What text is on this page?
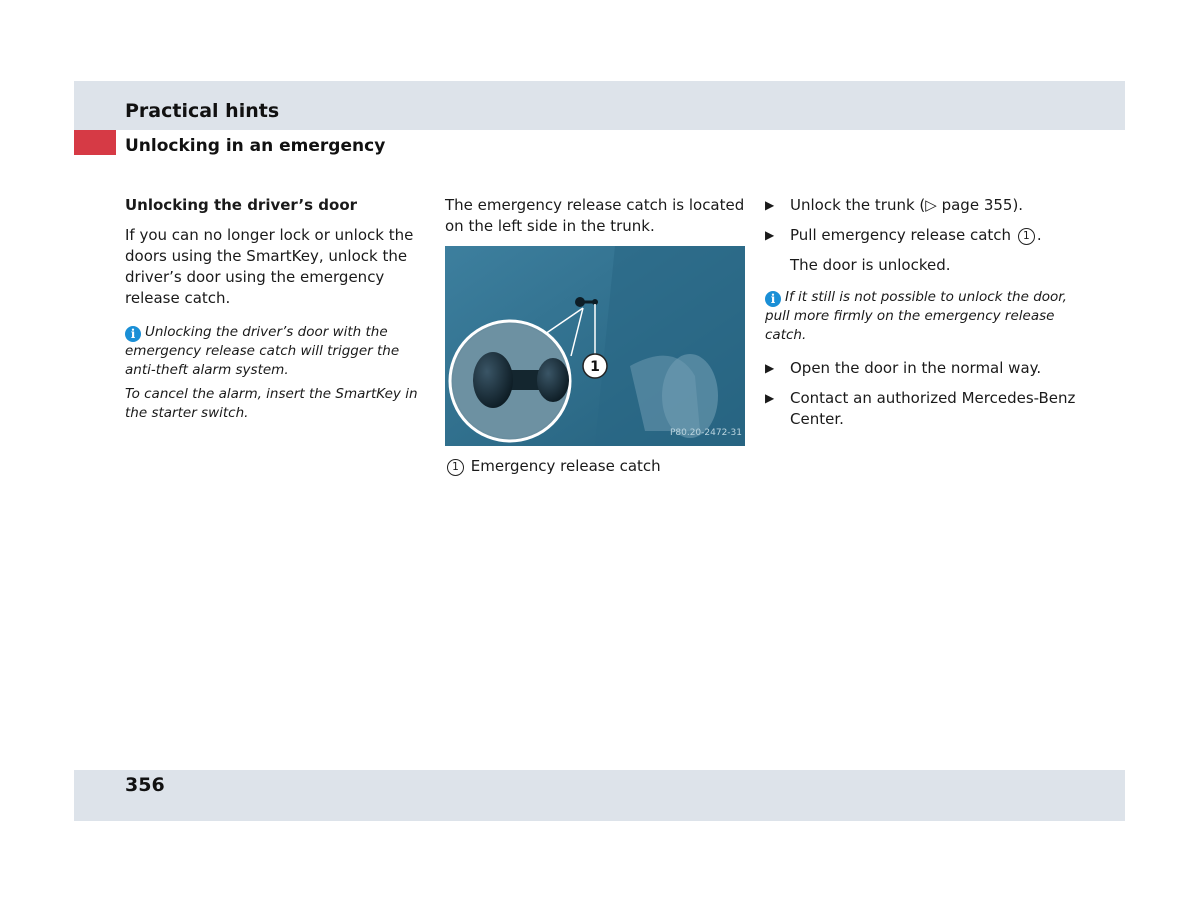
Practical hints
Unlocking in an emergency

Unlocking the driver’s door

If you can no longer lock or unlock the doors using the SmartKey, unlock the driver’s door using the emergency release catch.

i Unlocking the driver’s door with the emergency release catch will trigger the anti-theft alarm system.

To cancel the alarm, insert the SmartKey in the starter switch.

The emergency release catch is located on the left side in the trunk.

1
P80.20-2472-31

1 Emergency release catch

▶ Unlock the trunk (▷ page 355).

▶ Pull emergency release catch 1 .

The door is unlocked.

i If it still is not possible to unlock the door, pull more firmly on the emergency release catch.

▶ Open the door in the normal way.

▶ Contact an authorized Mercedes-Benz Center.

356
